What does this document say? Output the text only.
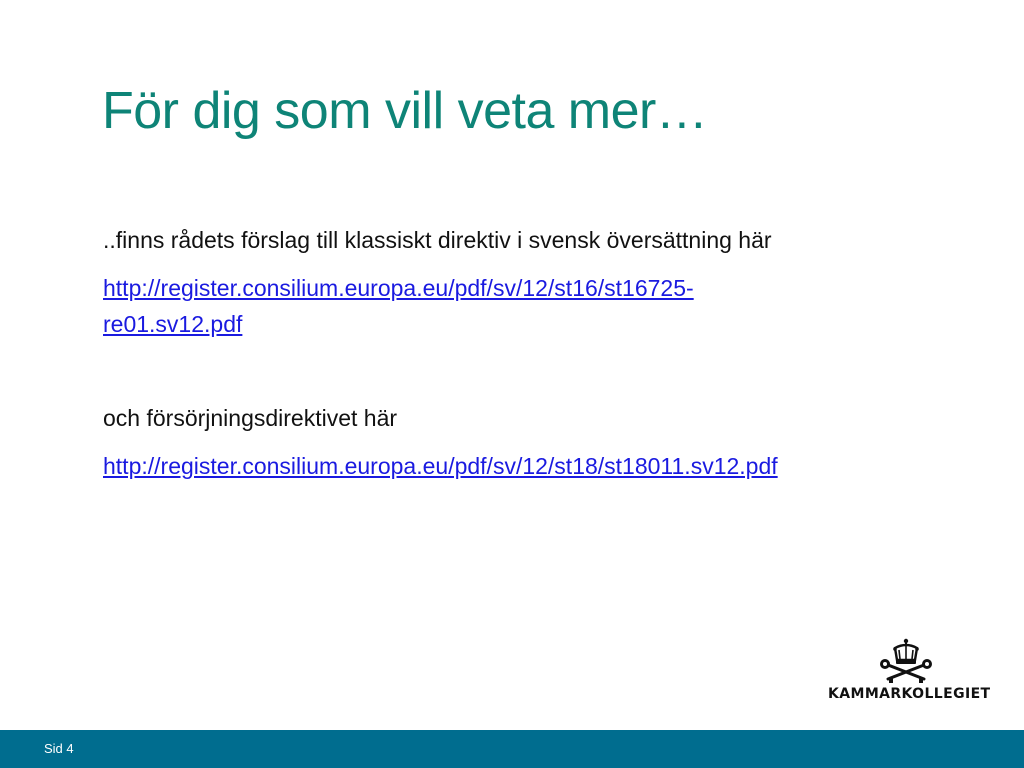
För dig som vill veta mer…

..finns rådets förslag till klassiskt direktiv i svensk översättning här

http://register.consilium.europa.eu/pdf/sv/12/st16/st16725-
re01.sv12.pdf

och försörjningsdirektivet här

http://register.consilium.europa.eu/pdf/sv/12/st18/st18011.sv12.pdf

KAMMARKOLLEGIET
Sid 4
